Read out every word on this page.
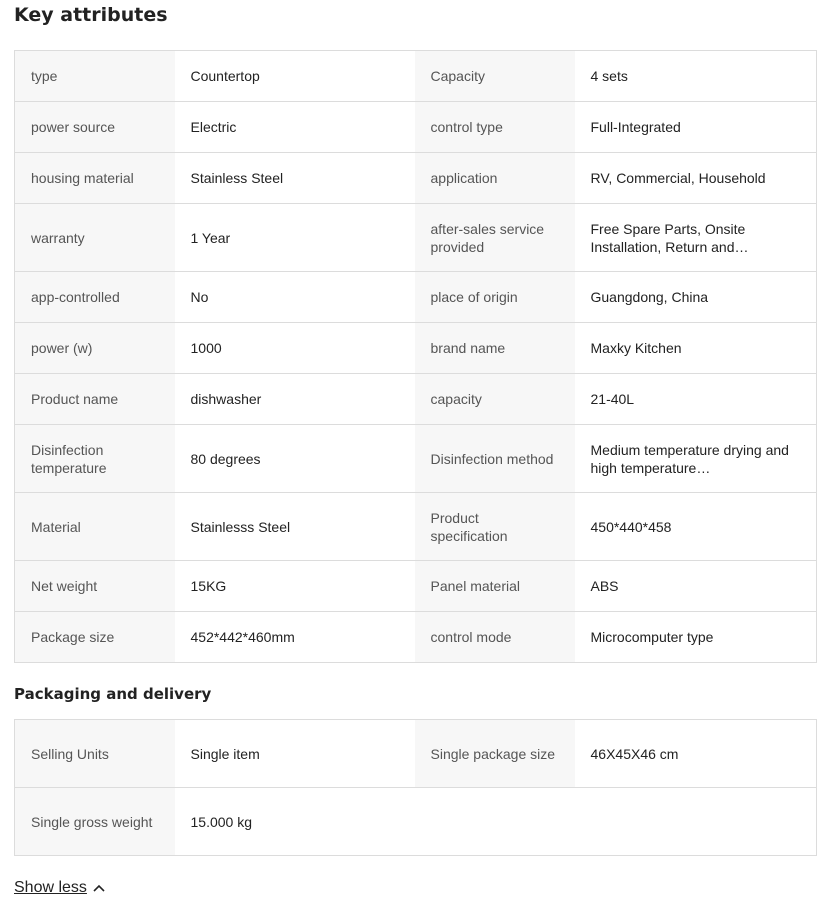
Key attributes
type	Countertop	Capacity	4 sets
power source	Electric	control type	Full-Integrated
housing material	Stainless Steel	application	RV, Commercial, Household
warranty	1 Year	after-sales service provided	Free Spare Parts, Onsite Installation, Return and…

app-controlled	No	place of origin	Guangdong, China
power (w)	1000	brand name	Maxky Kitchen
Product name	dishwasher	capacity	21-40L
Disinfection temperature	80 degrees	Disinfection method	Medium temperature drying and high temperature…

Material	Stainlesss Steel	Product specification	450*440*458
Net weight	15KG	Panel material	ABS
Package size	452*442*460mm	control mode	Microcomputer type
Packaging and delivery
Selling Units	Single item	Single package size	46X45X46 cm
Single gross weight	15.000 kg		
Show less
